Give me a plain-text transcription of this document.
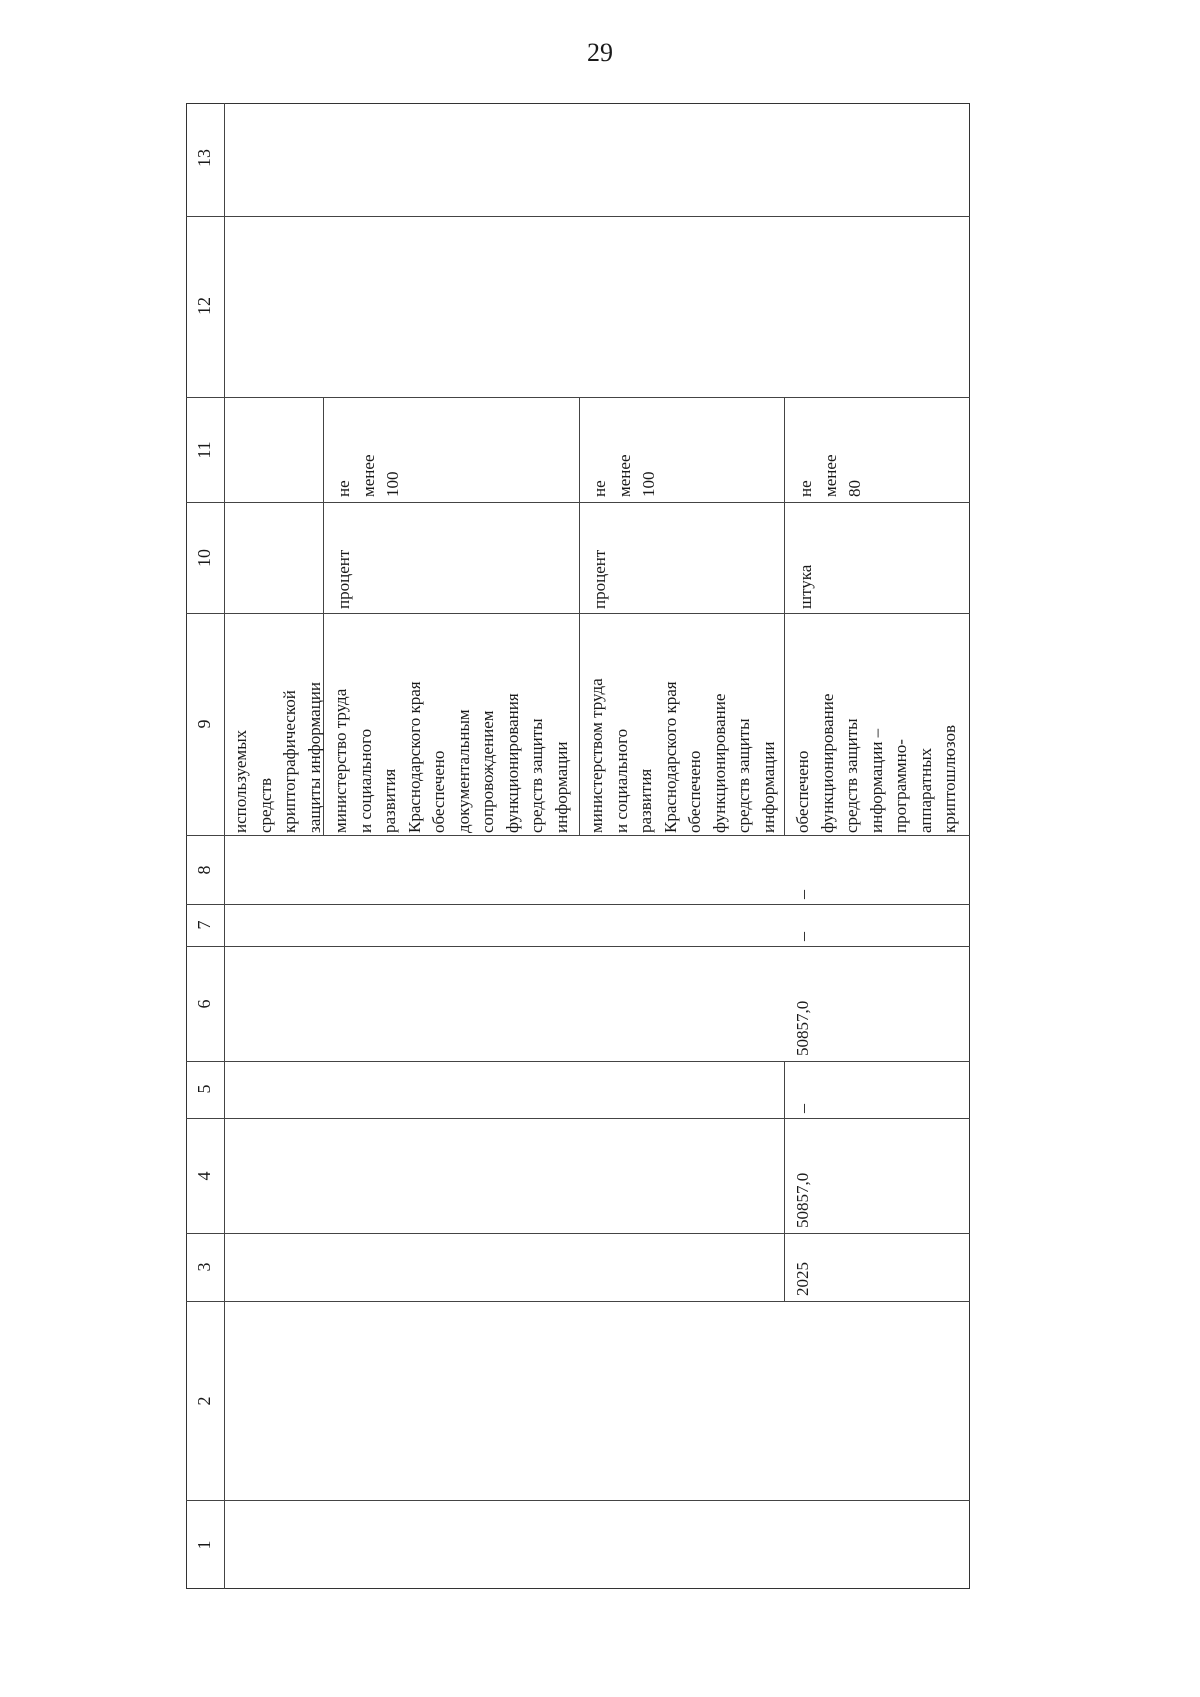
29
13
12
11
10
9
8
7
6
5
4
3
2
1
используемых
средств
криптографической
защиты информации
министерство труда
и социального
развития
Краснодарского края
обеспечено
документальным
сопровождением
функционирования
средств защиты
информации
процент
не
менее
100
министерством труда
и социального
развития
Краснодарского края
обеспечено
функционирование
средств защиты
информации
процент
не
менее
100
2025
50857,0
–
50857,0
–
–
обеспечено
функционирование
средств защиты
информации –
программно-
аппаратных
криптошлюзов
штука
не
менее
80
